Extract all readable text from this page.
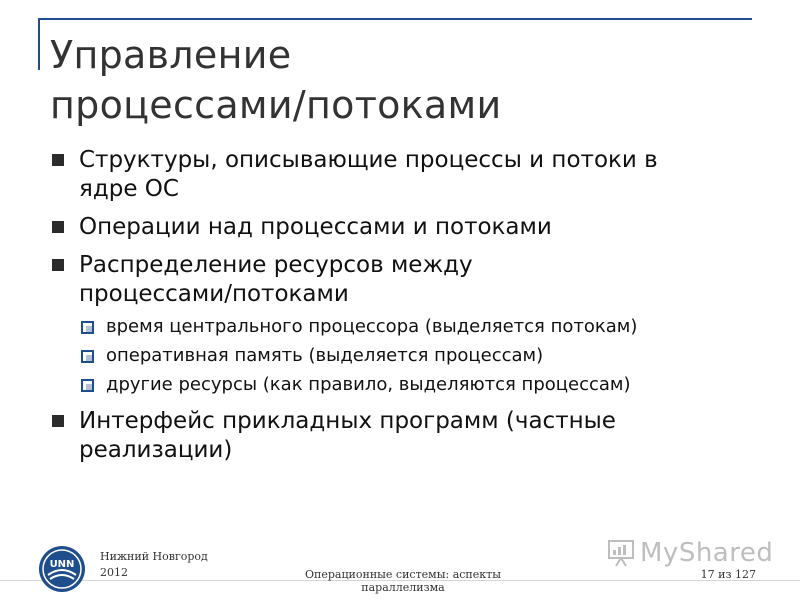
Управление
процессами/потоками
Структуры, описывающие процессы и потоки в
ядре ОС
Операции над процессами и потоками
Распределение ресурсов между
процессами/потоками
время центрального процессора (выделяется потокам)
оперативная память (выделяется процессам)
другие ресурсы (как правило, выделяются процессам)
Интерфейс прикладных программ (частные
реализации)
UNN
Нижний Новгород
2012
MyShared
Операционные системы: аспекты параллелизма
17 из 127
